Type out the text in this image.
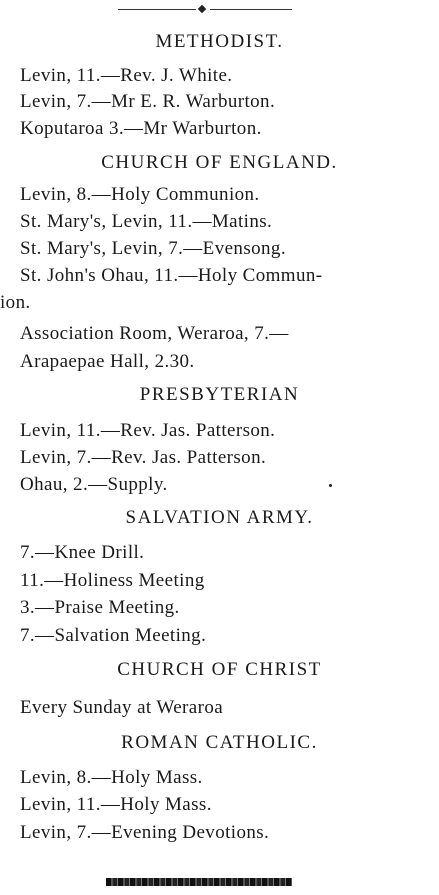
METHODIST.
Levin, 11.—Rev. J. White.
Levin, 7.—Mr E. R. Warburton.
Koputaroa 3.—Mr Warburton.
CHURCH OF ENGLAND.
Levin, 8.—Holy Communion.
St. Mary's, Levin, 11.—Matins.
St. Mary's, Levin, 7.—Evensong.
St. John's Ohau, 11.—Holy Commun-
ion.
Association Room, Weraroa, 7.—
Arapaepae Hall, 2.30.
PRESBYTERIAN
Levin, 11.—Rev. Jas. Patterson.
Levin, 7.—Rev. Jas. Patterson.
Ohau, 2.—Supply.
SALVATION ARMY.
7.—Knee Drill.
11.—Holiness Meeting
3.—Praise Meeting.
7.—Salvation Meeting.
CHURCH OF CHRIST
Every Sunday at Weraroa
ROMAN CATHOLIC.
Levin, 8.—Holy Mass.
Levin, 11.—Holy Mass.
Levin, 7.—Evening Devotions.
